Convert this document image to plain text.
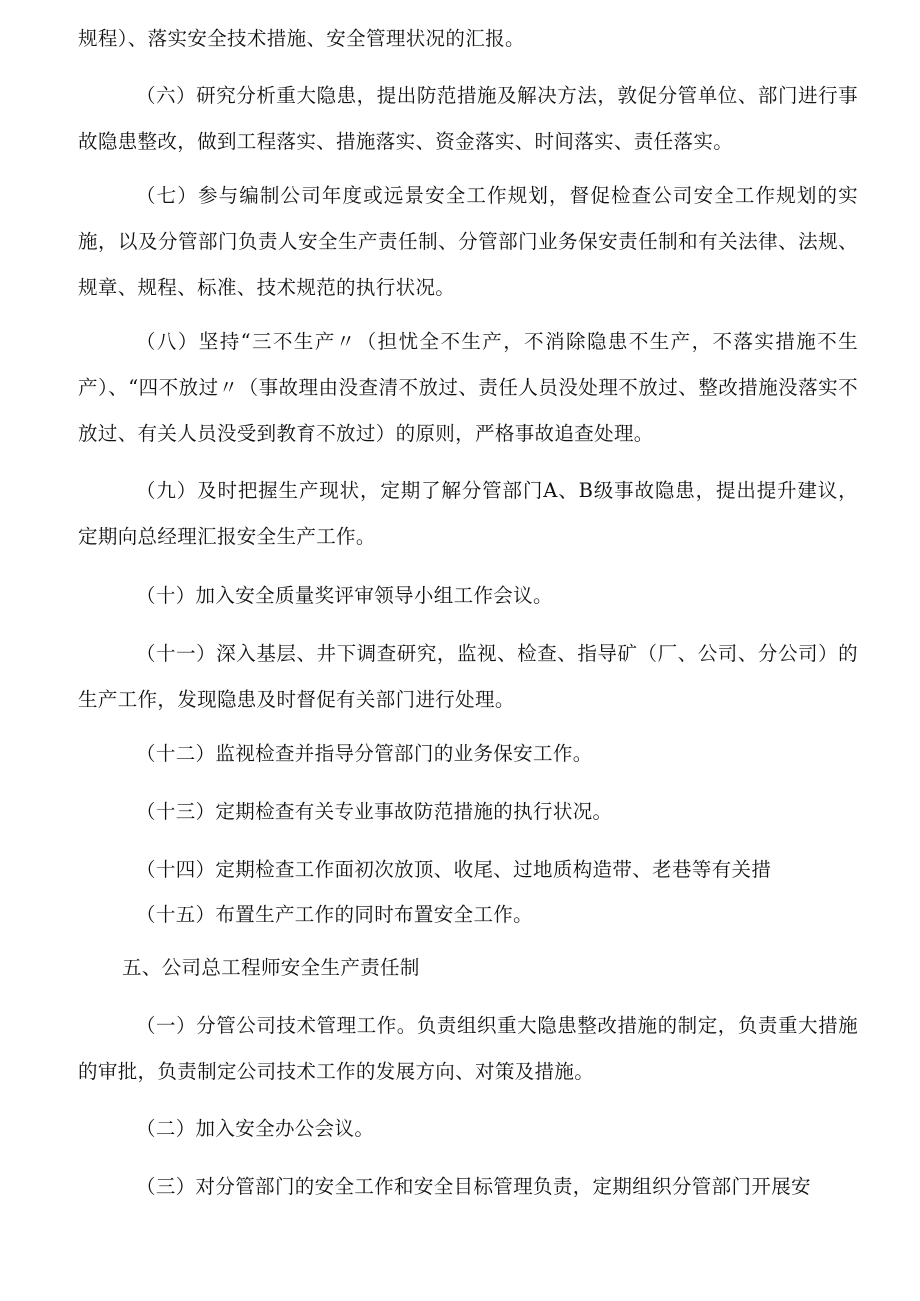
规程）、落实安全技术措施、安全管理状况的汇报。

（六）研究分析重大隐患，提出防范措施及解决方法，敦促分管单位、部门进行事故隐患整改，做到工程落实、措施落实、资金落实、时间落实、责任落实。

（七）参与编制公司年度或远景安全工作规划，督促检查公司安全工作规划的实施，以及分管部门负责人安全生产责任制、分管部门业务保安责任制和有关法律、法规、规章、规程、标准、技术规范的执行状况。

（八）坚持“三不生产〃（担忧全不生产，不消除隐患不生产，不落实措施不生产）、“四不放过〃（事故理由没查清不放过、责任人员没处理不放过、整改措施没落实不放过、有关人员没受到教育不放过）的原则，严格事故追查处理。

（九）及时把握生产现状，定期了解分管部门A、B级事故隐患，提出提升建议，定期向总经理汇报安全生产工作。

（十）加入安全质量奖评审领导小组工作会议。

（十一）深入基层、井下调查研究，监视、检查、指导矿（厂、公司、分公司）的生产工作，发现隐患及时督促有关部门进行处理。

（十二）监视检查并指导分管部门的业务保安工作。

（十三）定期检查有关专业事故防范措施的执行状况。

（十四）定期检查工作面初次放顶、收尾、过地质构造带、老巷等有关措

（十五）布置生产工作的同时布置安全工作。

五、公司总工程师安全生产责任制

（一）分管公司技术管理工作。负责组织重大隐患整改措施的制定，负责重大措施的审批，负责制定公司技术工作的发展方向、对策及措施。

（二）加入安全办公会议。

（三）对分管部门的安全工作和安全目标管理负责，定期组织分管部门开展安
